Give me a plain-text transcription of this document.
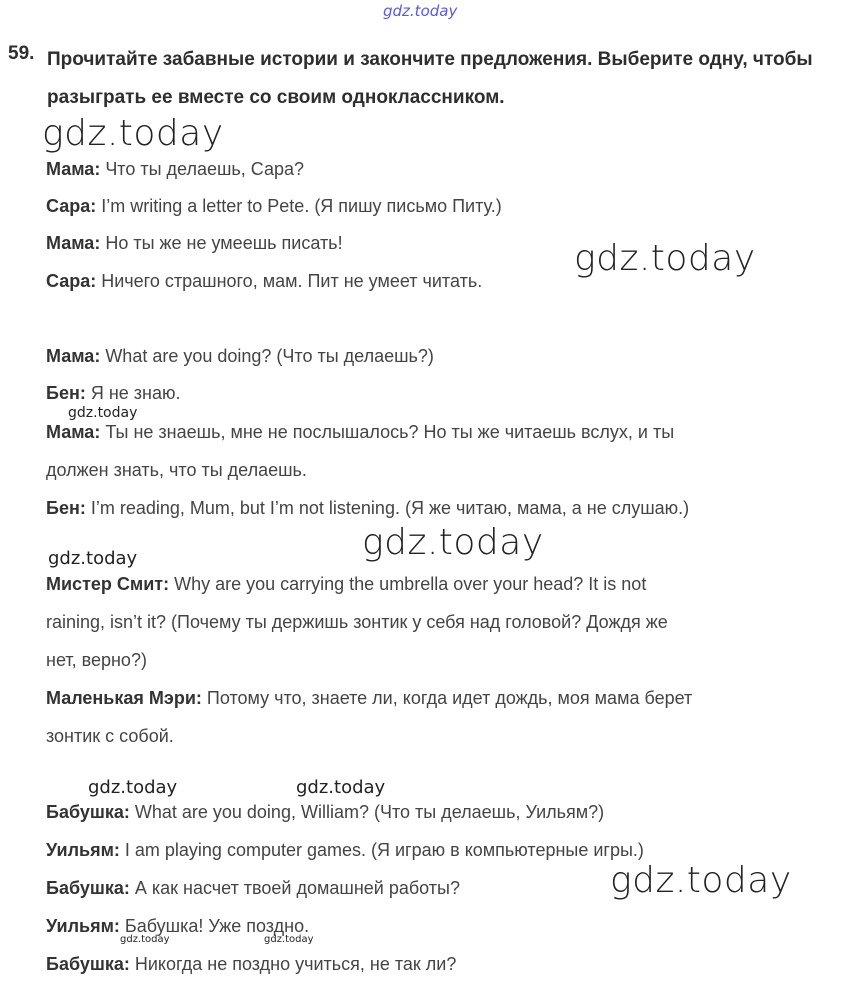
gdz.today
gdz.today
gdz.today
gdz.today
gdz.today
gdz.today
gdz.today	gdz.today
gdz.today
gdz.today	gdz.today
59. Прочитайте забавные истории и закончите предложения. Выберите одну, чтобы разыграть ее вместе со своим одноклассником.
Мама: Что ты делаешь, Сара?
Сара: I’m writing a letter to Pete. (Я пишу письмо Питу.)
Мама: Но ты же не умеешь писать!
Сара: Ничего страшного, мам. Пит не умеет читать.
Мама: What are you doing? (Что ты делаешь?)
Бен: Я не знаю.
Мама: Ты не знаешь, мне не послышалось? Но ты же читаешь вслух, и ты
должен знать, что ты делаешь.
Бен: I’m reading, Mum, but I’m not listening. (Я же читаю, мама, а не слушаю.)
Мистер Смит: Why are you carrying the umbrella over your head? It is not
raining, isn’t it? (Почему ты держишь зонтик у себя над головой? Дождя же
нет, верно?)
Маленькая Мэри: Потому что, знаете ли, когда идет дождь, моя мама берет
зонтик с собой.
Бабушка: What are you doing, William? (Что ты делаешь, Уильям?)
Уильям: I am playing computer games. (Я играю в компьютерные игры.)
Бабушка: А как насчет твоей домашней работы?
Уильям: Бабушка! Уже поздно.
Бабушка: Никогда не поздно учиться, не так ли?
